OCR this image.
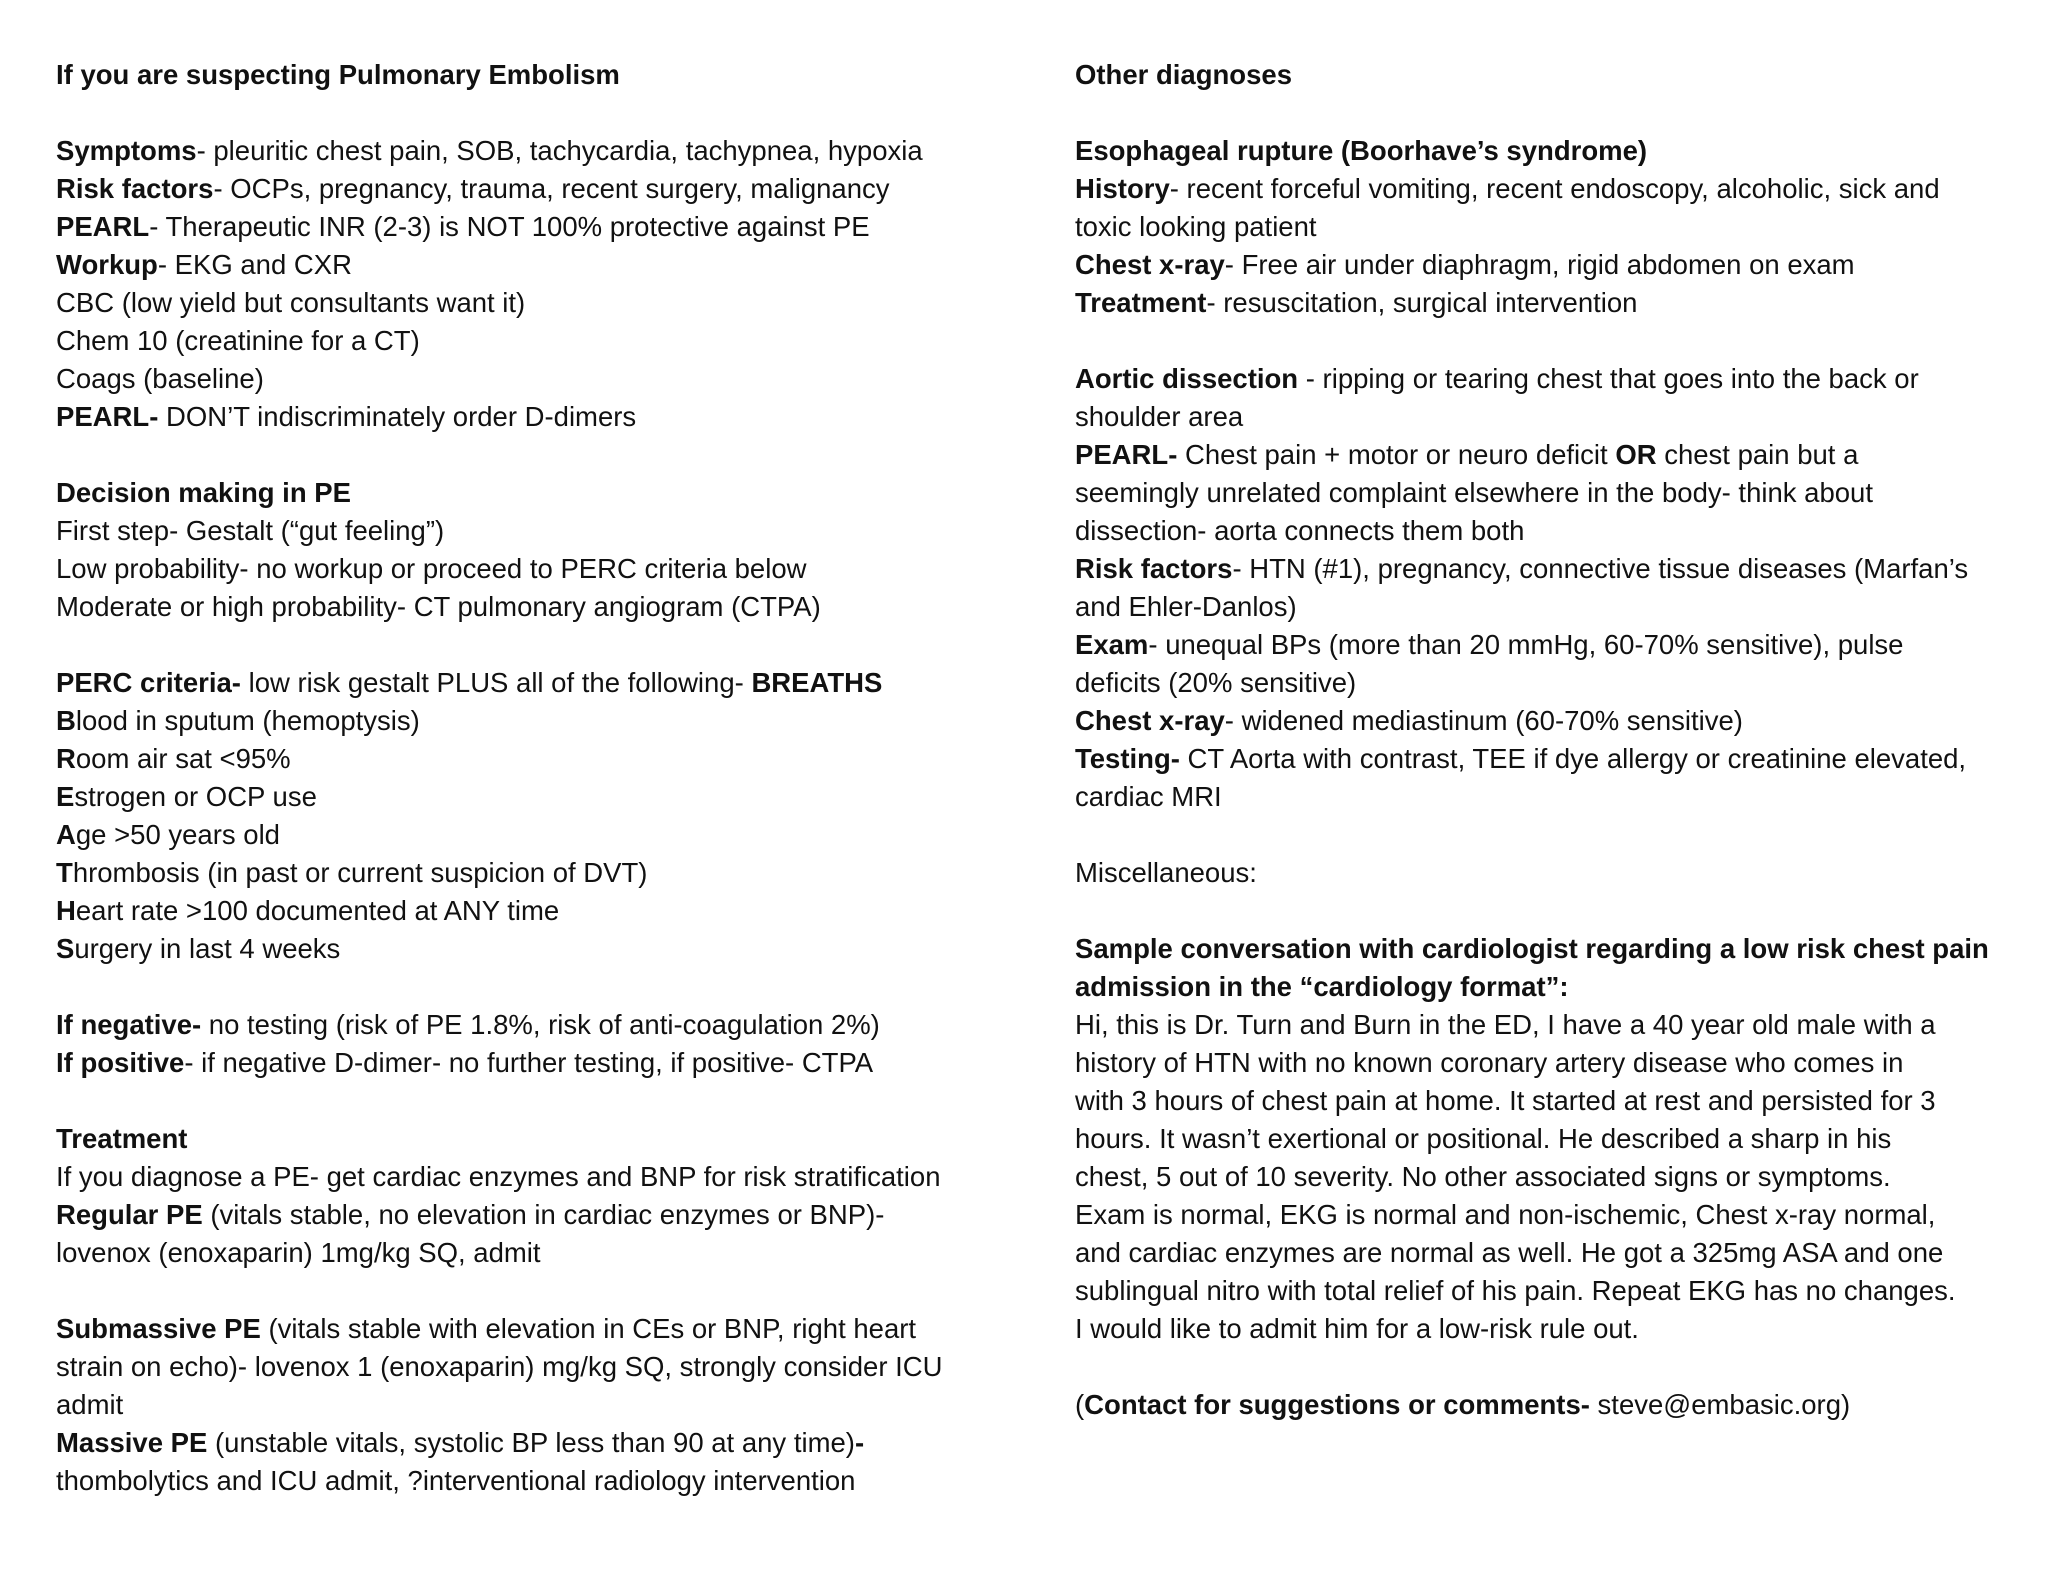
If you are suspecting Pulmonary Embolism
Symptoms- pleuritic chest pain, SOB, tachycardia, tachypnea, hypoxia
Risk factors- OCPs, pregnancy, trauma, recent surgery, malignancy
PEARL- Therapeutic INR (2-3) is NOT 100% protective against PE
Workup- EKG and CXR
CBC (low yield but consultants want it)
Chem 10 (creatinine for a CT)
Coags (baseline)
PEARL- DON’T indiscriminately order D-dimers
Decision making in PE
First step- Gestalt (“gut feeling”)
Low probability- no workup or proceed to PERC criteria below
Moderate or high probability- CT pulmonary angiogram (CTPA)
PERC criteria- low risk gestalt PLUS all of the following- BREATHS
Blood in sputum (hemoptysis)
Room air sat <95%
Estrogen or OCP use
Age >50 years old
Thrombosis (in past or current suspicion of DVT)
Heart rate >100 documented at ANY time
Surgery in last 4 weeks
If negative- no testing (risk of PE 1.8%, risk of anti-coagulation 2%)
If positive- if negative D-dimer- no further testing, if positive- CTPA
Treatment
If you diagnose a PE- get cardiac enzymes and BNP for risk stratification
Regular PE (vitals stable, no elevation in cardiac enzymes or BNP)-
lovenox (enoxaparin) 1mg/kg SQ, admit
Submassive PE (vitals stable with elevation in CEs or BNP, right heart
strain on echo)- lovenox 1 (enoxaparin) mg/kg SQ, strongly consider ICU
admit
Massive PE (unstable vitals, systolic BP less than 90 at any time)-
thombolytics and ICU admit, ?interventional radiology intervention
Other diagnoses
Esophageal rupture (Boorhave’s syndrome)
History- recent forceful vomiting, recent endoscopy, alcoholic, sick and
toxic looking patient
Chest x-ray- Free air under diaphragm, rigid abdomen on exam
Treatment- resuscitation, surgical intervention
Aortic dissection - ripping or tearing chest that goes into the back or
shoulder area
PEARL- Chest pain + motor or neuro deficit OR chest pain but a
seemingly unrelated complaint elsewhere in the body- think about
dissection- aorta connects them both
Risk factors- HTN (#1), pregnancy, connective tissue diseases (Marfan’s
and Ehler-Danlos)
Exam- unequal BPs (more than 20 mmHg, 60-70% sensitive), pulse
deficits (20% sensitive)
Chest x-ray- widened mediastinum (60-70% sensitive)
Testing- CT Aorta with contrast, TEE if dye allergy or creatinine elevated,
cardiac MRI
Miscellaneous:
Sample conversation with cardiologist regarding a low risk chest pain
admission in the “cardiology format”:
Hi, this is Dr. Turn and Burn in the ED, I have a 40 year old male with a
history of HTN with no known coronary artery disease who comes in
with 3 hours of chest pain at home. It started at rest and persisted for 3
hours. It wasn’t exertional or positional. He described a sharp in his
chest, 5 out of 10 severity. No other associated signs or symptoms.
Exam is normal, EKG is normal and non-ischemic, Chest x-ray normal,
and cardiac enzymes are normal as well. He got a 325mg ASA and one
sublingual nitro with total relief of his pain. Repeat EKG has no changes.
I would like to admit him for a low-risk rule out.
(Contact for suggestions or comments- steve@embasic.org)
